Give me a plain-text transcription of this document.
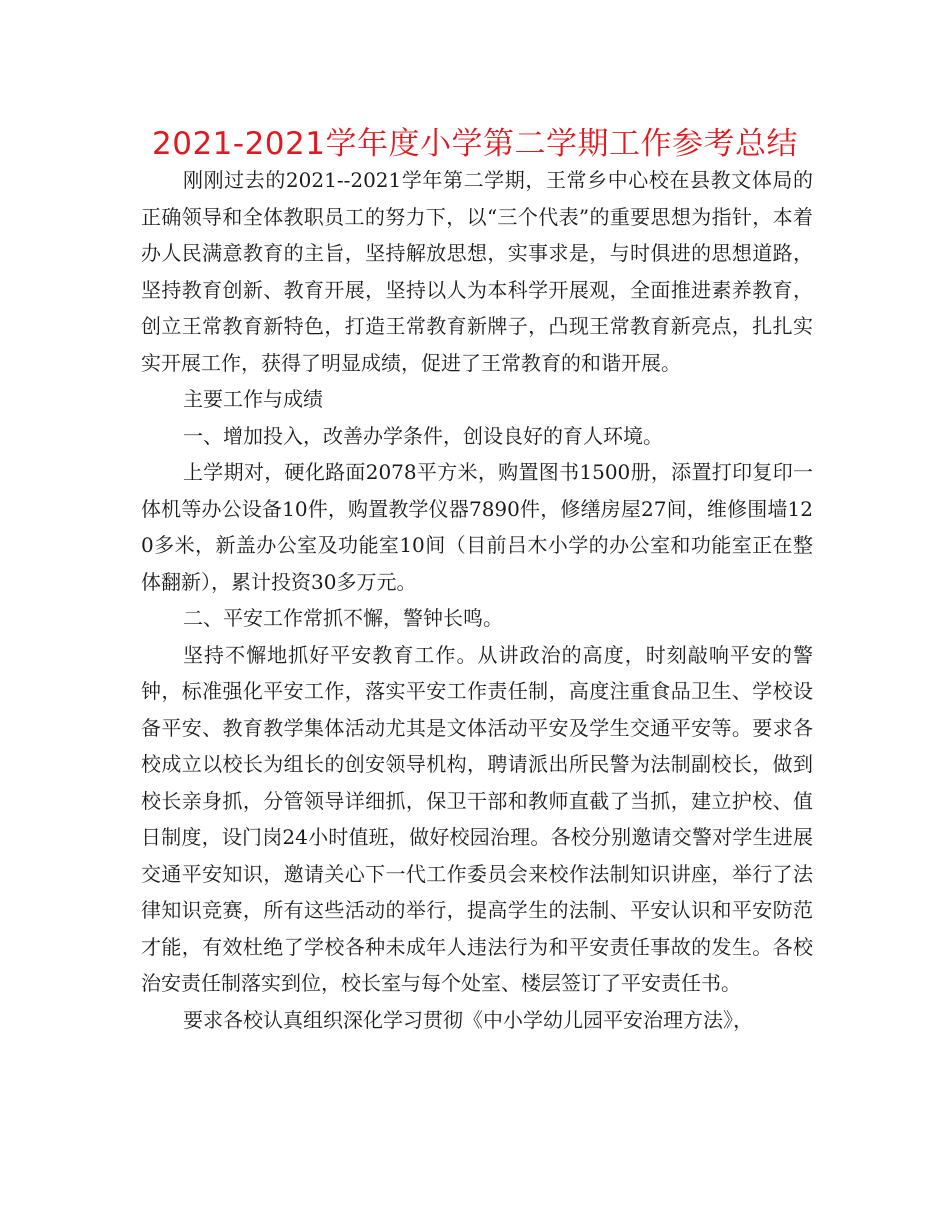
2021-2021学年度小学第二学期工作参考总结

刚刚过去的2021--2021学年第二学期，王常乡中心校在县教文体局的正确领导和全体教职员工的努力下，以“三个代表”的重要思想为指针，本着办人民满意教育的主旨，坚持解放思想，实事求是，与时俱进的思想道路，坚持教育创新、教育开展，坚持以人为本科学开展观，全面推进素养教育，创立王常教育新特色，打造王常教育新牌子，凸现王常教育新亮点，扎扎实实开展工作，获得了明显成绩，促进了王常教育的和谐开展。

主要工作与成绩

一、增加投入，改善办学条件，创设良好的育人环境。

上学期对，硬化路面2078平方米，购置图书1500册，添置打印复印一体机等办公设备10件，购置教学仪器7890件，修缮房屋27间，维修围墙120多米，新盖办公室及功能室10间（目前吕木小学的办公室和功能室正在整体翻新），累计投资30多万元。

二、平安工作常抓不懈，警钟长鸣。

坚持不懈地抓好平安教育工作。从讲政治的高度，时刻敲响平安的警钟，标准强化平安工作，落实平安工作责任制，高度注重食品卫生、学校设备平安、教育教学集体活动尤其是文体活动平安及学生交通平安等。要求各校成立以校长为组长的创安领导机构，聘请派出所民警为法制副校长，做到校长亲身抓，分管领导详细抓，保卫干部和教师直截了当抓，建立护校、值日制度，设门岗24小时值班，做好校园治理。各校分别邀请交警对学生进展交通平安知识，邀请关心下一代工作委员会来校作法制知识讲座，举行了法律知识竞赛，所有这些活动的举行，提高学生的法制、平安认识和平安防范才能，有效杜绝了学校各种未成年人违法行为和平安责任事故的发生。各校治安责任制落实到位，校长室与每个处室、楼层签订了平安责任书。

要求各校认真组织深化学习贯彻《中小学幼儿园平安治理方法》，
